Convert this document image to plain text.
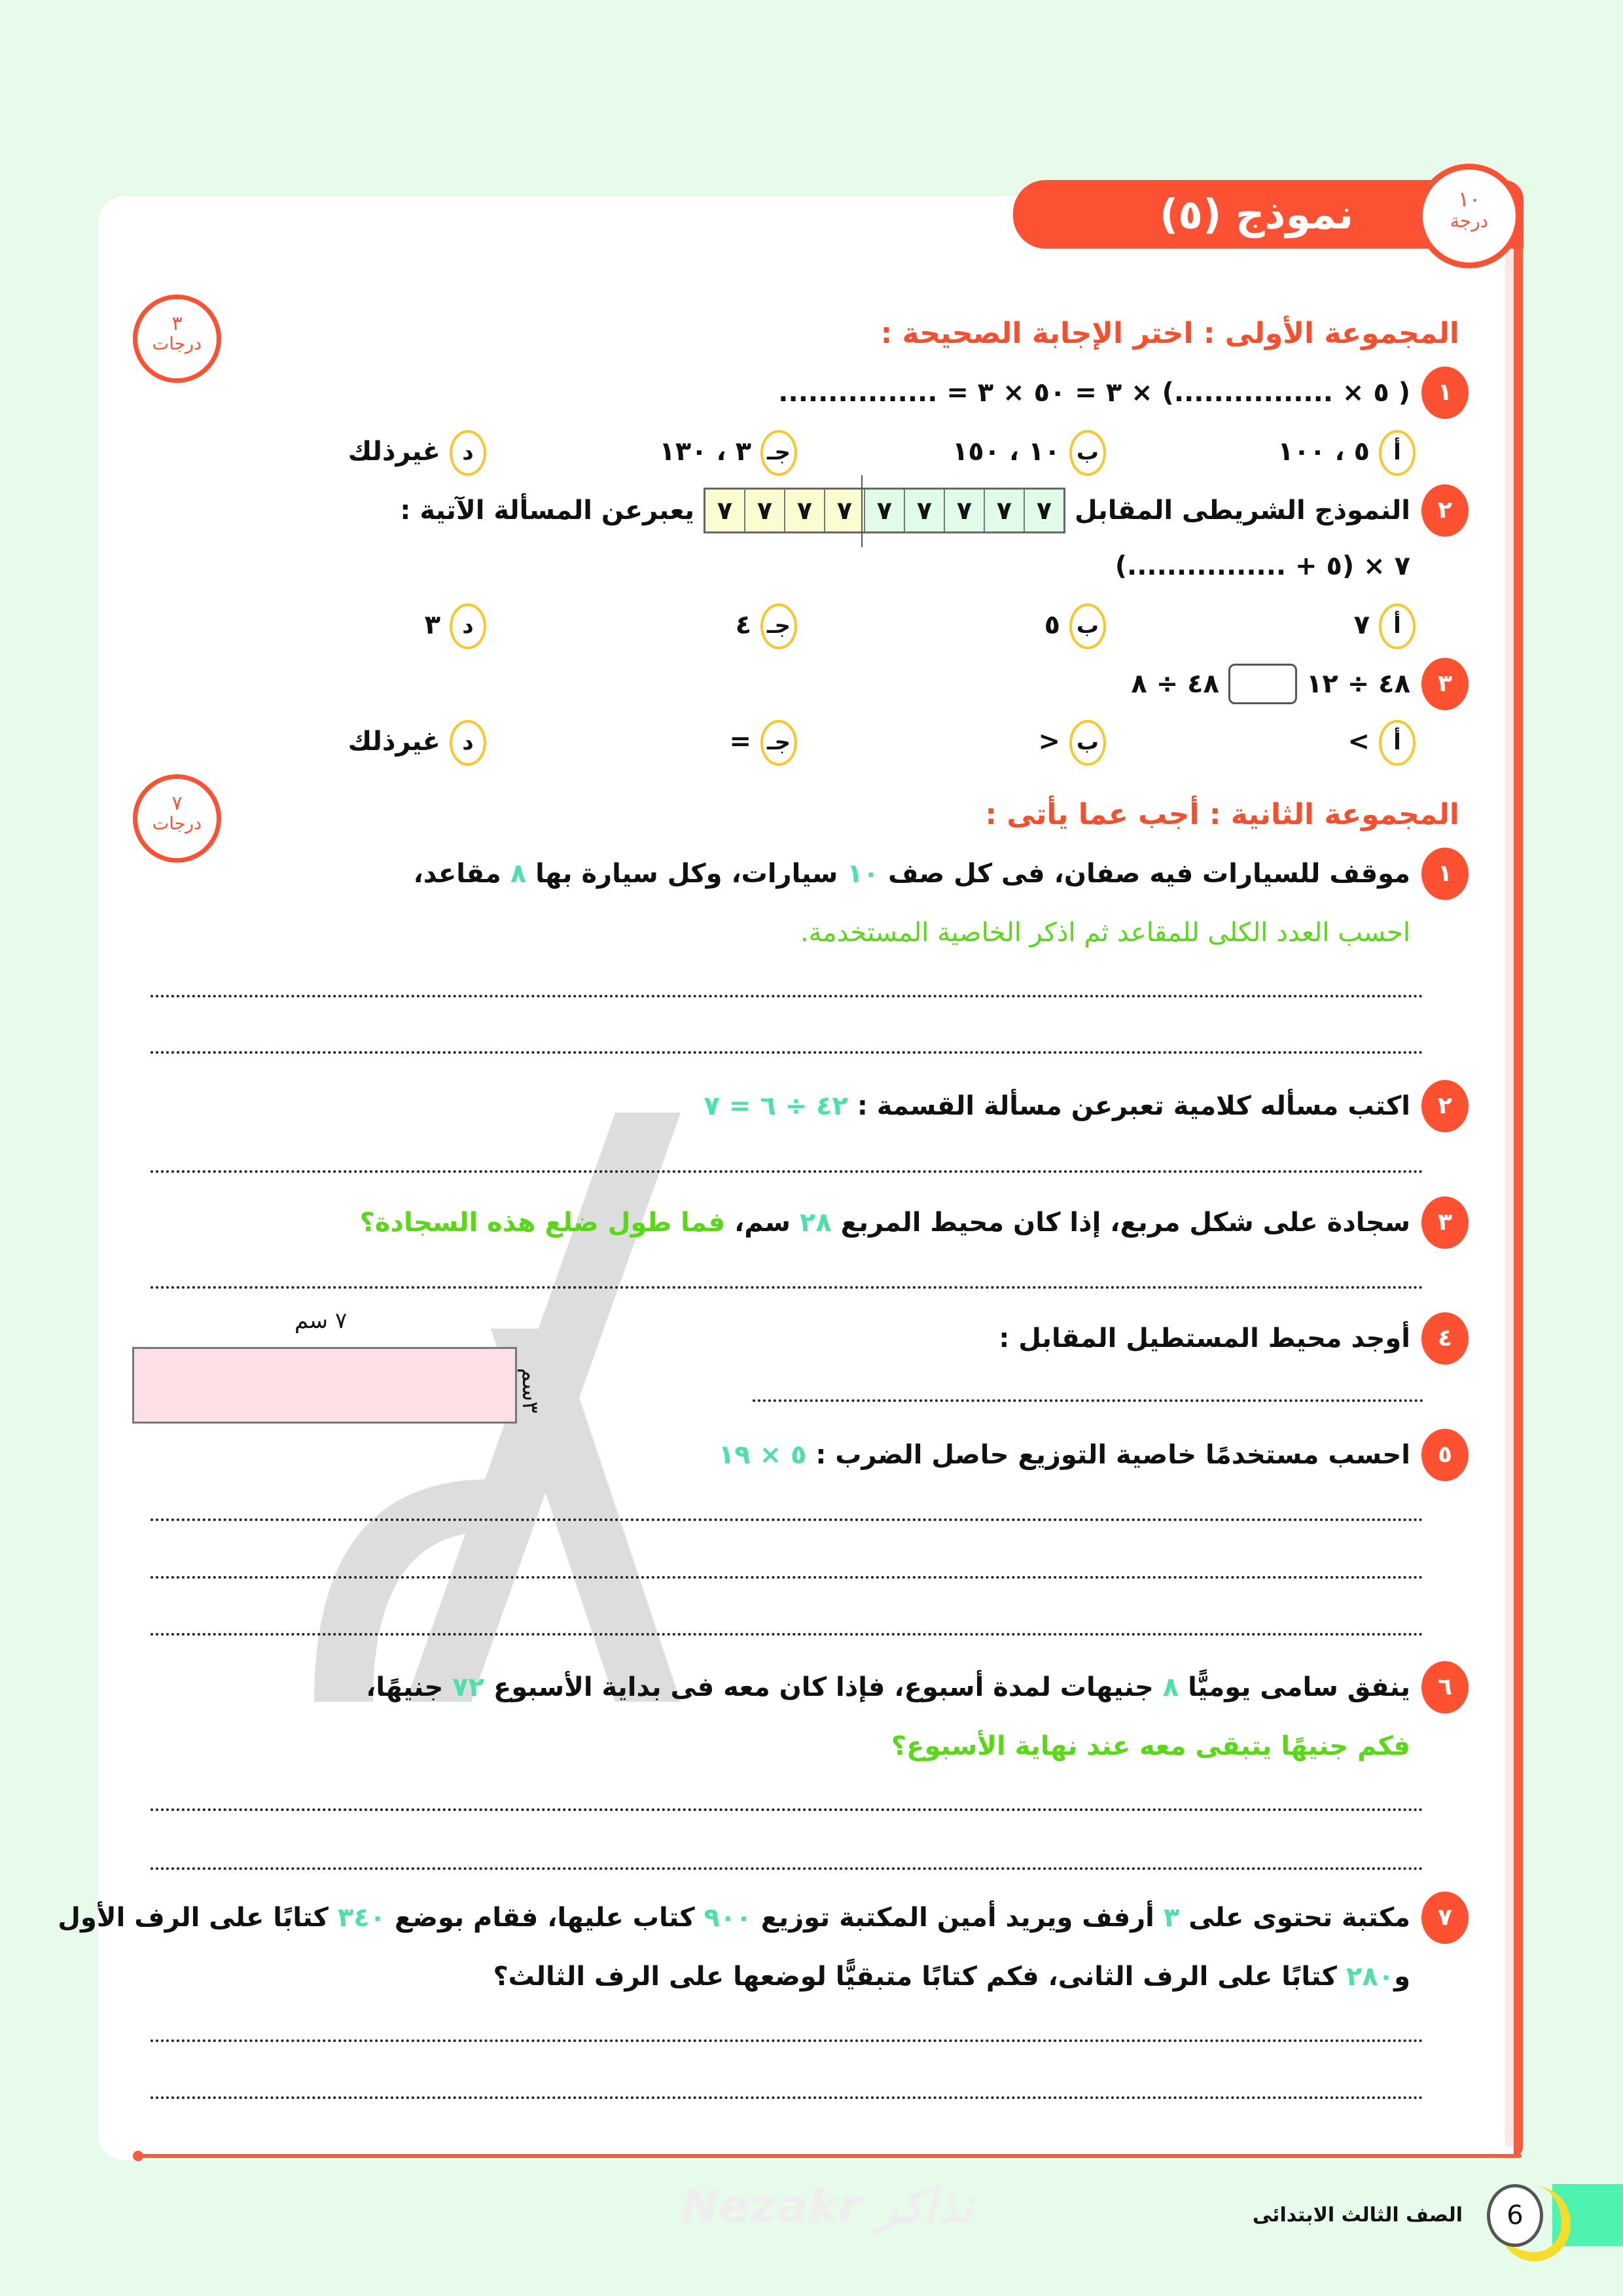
نموذج (٥)	١٠
درجة
٣
درجات	المجموعة الأولى : اختر الإجابة الصحيحة :
١
( ٥ × ................) × ٣ = ٥٠ × ٣ = ................
أ٥ ، ١٠٠
ب١٠ ، ١٥٠
جـ٣ ، ١٣٠
دغيرذلك
٢
النموذج الشريطى المقابل
٧
٧
٧
٧
٧
٧
٧
٧
٧
يعبرعن المسألة الآتية :
٧ × (٥ + ................)
أ٧
ب٥
جـ٤
د٣
٣
٤٨ ÷ ١٢
٤٨ ÷ ٨
أ>
ب<
جـ=
دغيرذلك
٧
درجات	المجموعة الثانية : أجب عما يأتى :
١
موقف للسيارات فيه صفان، فى كل صف ١٠ سيارات، وكل سيارة بها ٨ مقاعد،
احسب العدد الكلى للمقاعد ثم اذكر الخاصية المستخدمة.
٢
اكتب مسأله كلامية تعبرعن مسألة القسمة : ٤٢ ÷ ٦ = ٧
٣
سجادة على شكل مربع، إذا كان محيط المربع ٢٨ سم، فما طول ضلع هذه السجادة؟
٤
أوجد محيط المستطيل المقابل :
٧ سم
٣سم
٥
احسب مستخدمًا خاصية التوزيع حاصل الضرب : ٥ × ١٩
٦
ينفق سامى يوميًّا ٨ جنيهات لمدة أسبوع، فإذا كان معه فى بداية الأسبوع ٧٢ جنيهًا،
فكم جنيهًا يتبقى معه عند نهاية الأسبوع؟
٧
مكتبة تحتوى على ٣ أرفف ويريد أمين المكتبة توزيع ٩٠٠ كتاب عليها، فقام بوضع ٣٤٠ كتابًا على الرف الأول
و٢٨٠ كتابًا على الرف الثانى، فكم كتابًا متبقيًّا لوضعها على الرف الثالث؟
Nezakr نذاكر	6
الصف الثالث الابتدائى
